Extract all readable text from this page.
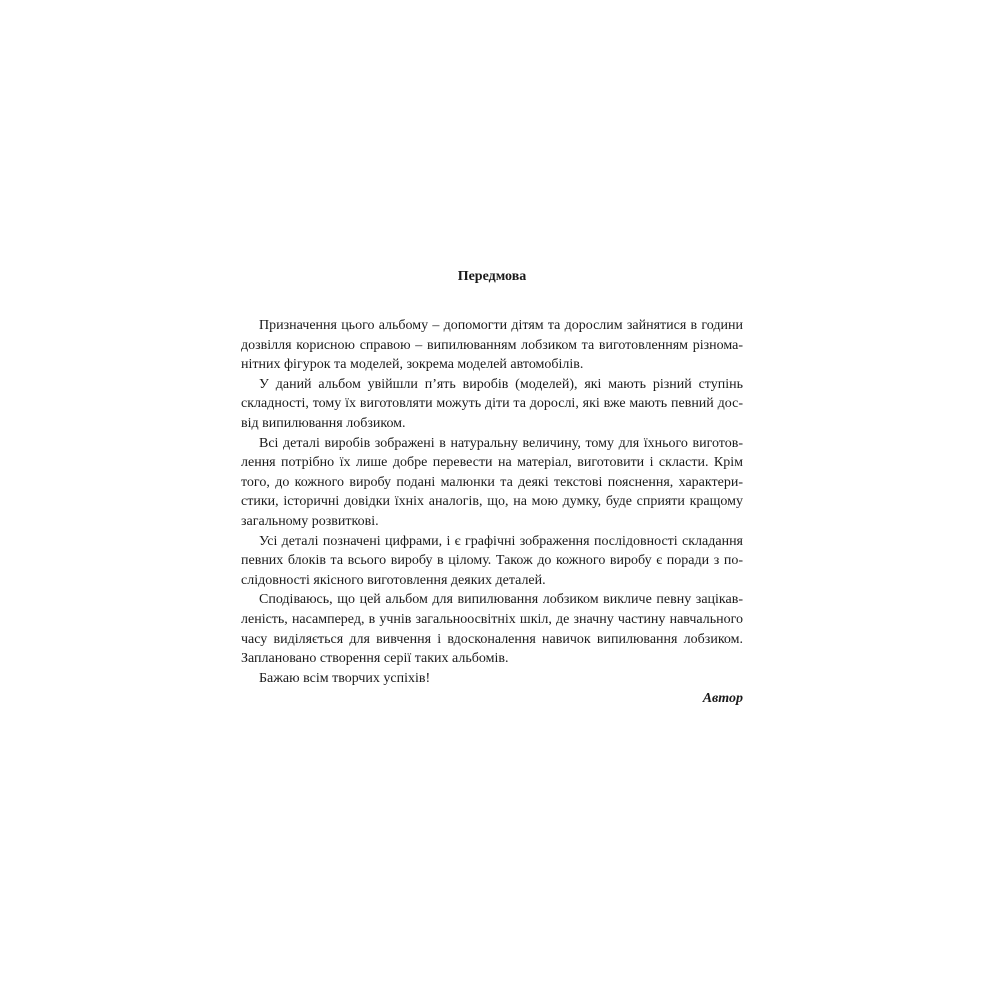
Передмова
Призначення цього альбому – допомогти дітям та дорослим зайнятися в години
дозвілля корисною справою – випилюванням лобзиком та виготовленням різнома-
нітних фігурок та моделей, зокрема моделей автомобілів.
У даний альбом увійшли п’ять виробів (моделей), які мають різний ступінь
складності, тому їх виготовляти можуть діти та дорослі, які вже мають певний дос-
від випилювання лобзиком.
Всі деталі виробів зображені в натуральну величину, тому для їхнього виготов-
лення потрібно їх лише добре перевести на матеріал, виготовити і скласти. Крім
того, до кожного виробу подані малюнки та деякі текстові пояснення, характери-
стики, історичні довідки їхніх аналогів, що, на мою думку, буде сприяти кращому
загальному розвиткові.
Усі деталі позначені цифрами, і є графічні зображення послідовності складання
певних блоків та всього виробу в цілому. Також до кожного виробу є поради з по-
слідовності якісного виготовлення деяких деталей.
Сподіваюсь, що цей альбом для випилювання лобзиком викличе певну зацікав-
леність, насамперед, в учнів загальноосвітніх шкіл, де значну частину навчального
часу виділяється для вивчення і вдосконалення навичок випилювання лобзиком.
Заплановано створення серії таких альбомів.
Бажаю всім творчих успіхів!
Автор
